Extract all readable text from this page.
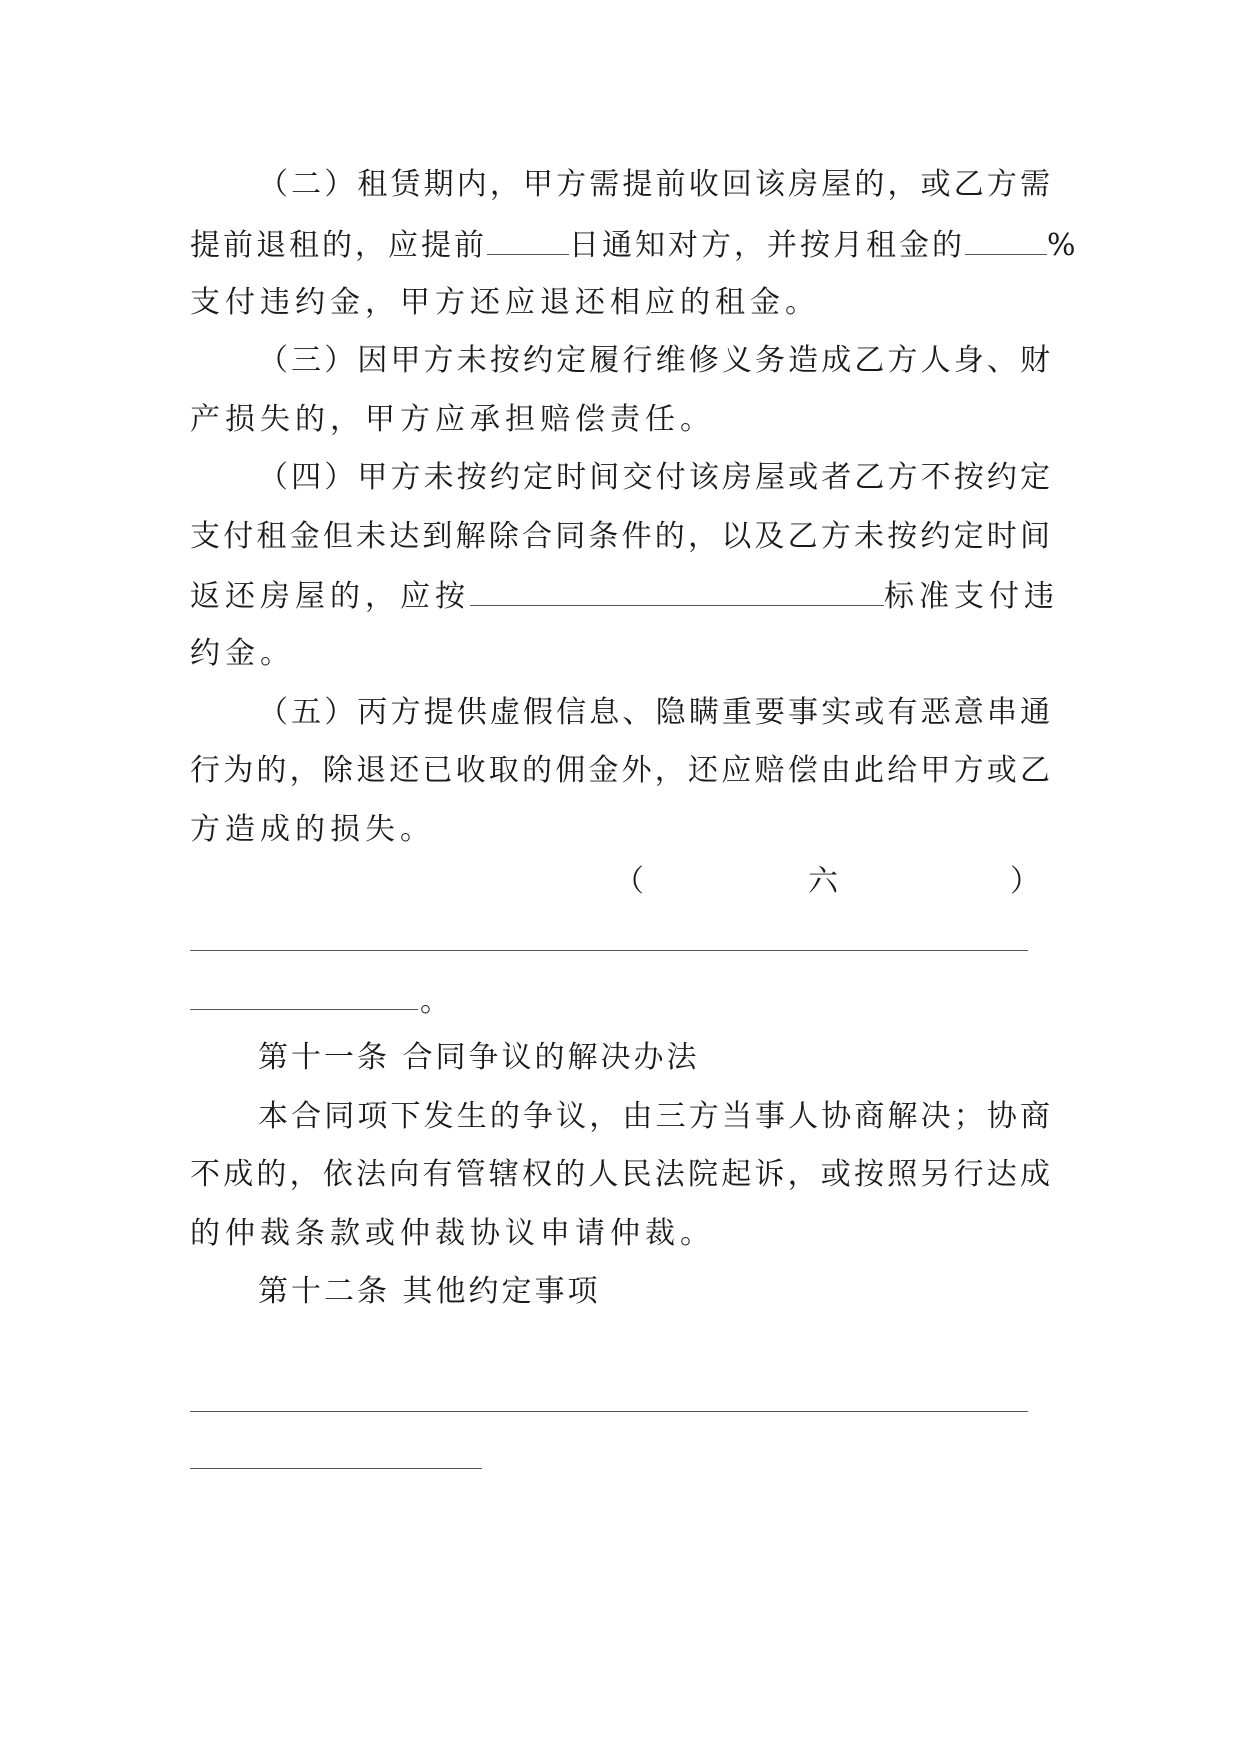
（二）租赁期内，甲方需提前收回该房屋的，或乙方需
提前退租的，应提前	日通知对方，并按月租金的	%
支付违约金，甲方还应退还相应的租金。
（三）因甲方未按约定履行维修义务造成乙方人身、财
产损失的，甲方应承担赔偿责任。
（四）甲方未按约定时间交付该房屋或者乙方不按约定
支付租金但未达到解除合同条件的，以及乙方未按约定时间
返还房屋的，应按	标准支付违
约金。
（五）丙方提供虚假信息、隐瞒重要事实或有恶意串通
行为的，除退还已收取的佣金外，还应赔偿由此给甲方或乙
方造成的损失。
（	六	）
。
第十一条 合同争议的解决办法
本合同项下发生的争议，由三方当事人协商解决；协商
不成的，依法向有管辖权的人民法院起诉，或按照另行达成
的仲裁条款或仲裁协议申请仲裁。
第十二条 其他约定事项
